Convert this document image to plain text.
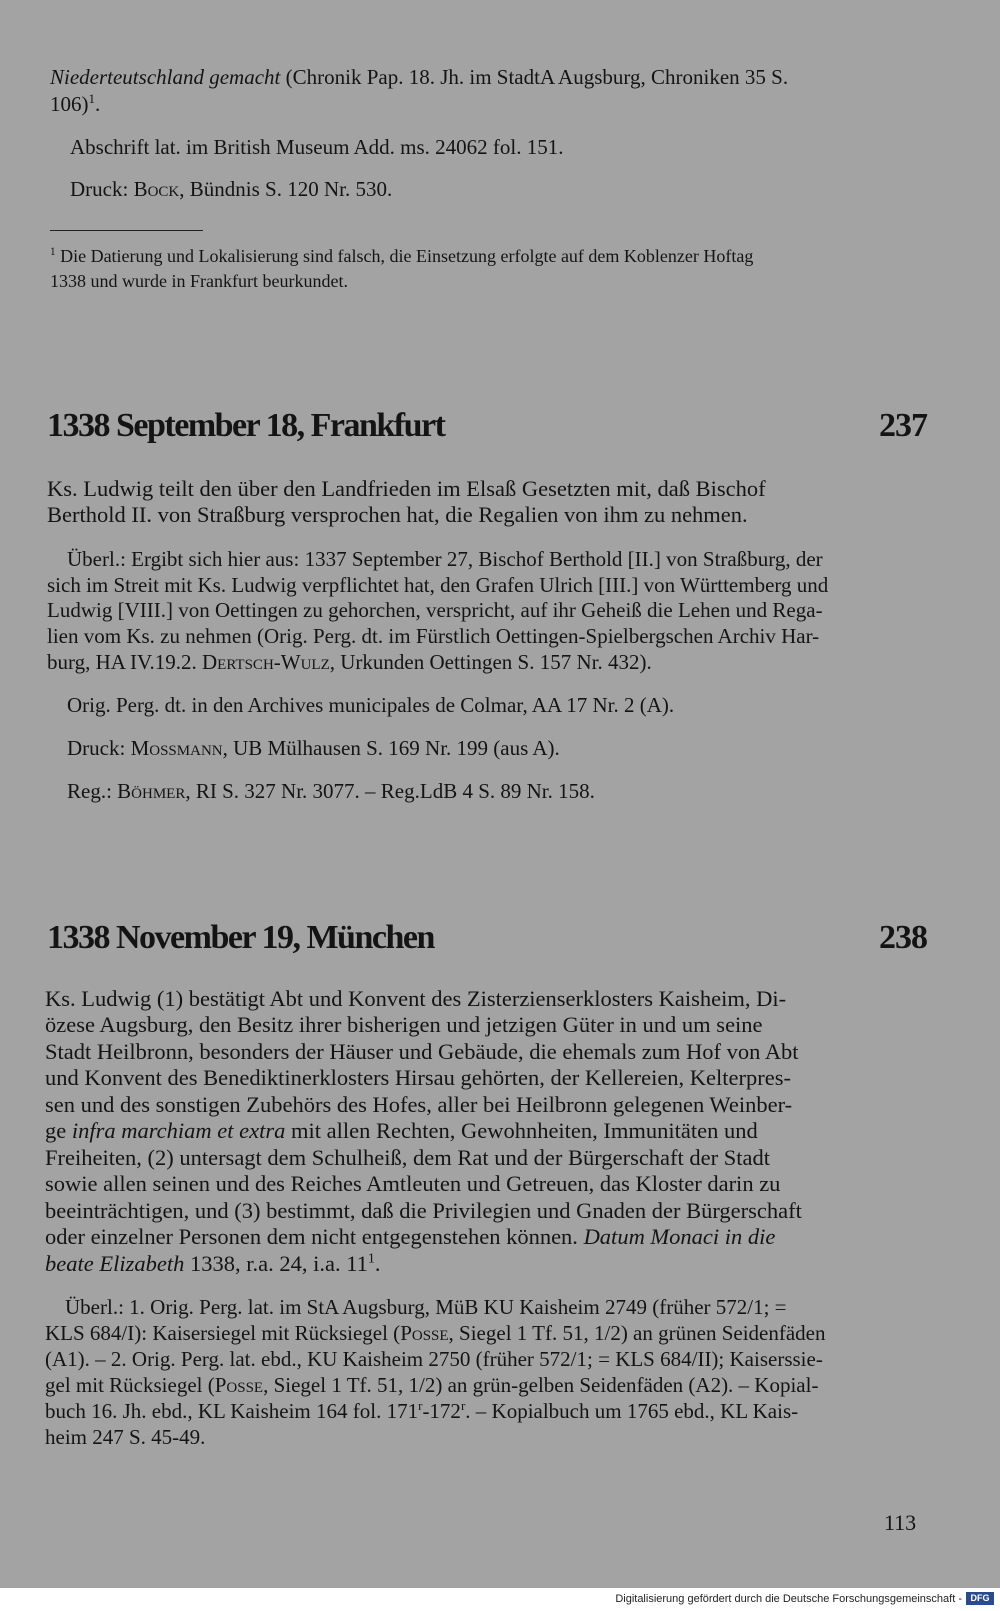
Niederteutschland gemacht (Chronik Pap. 18. Jh. im StadtA Augsburg, Chroniken 35 S.
106)$^1$.
Abschrift lat. im British Museum Add. ms. 24062 fol. 151.
Druck: Bock, Bündnis S. 120 Nr. 530.
$^1$ Die Datierung und Lokalisierung sind falsch, die Einsetzung erfolgte auf dem Koblenzer Hoftag
1338 und wurde in Frankfurt beurkundet.
1338 September 18, Frankfurt	237
Ks. Ludwig teilt den über den Landfrieden im Elsaß Gesetzten mit, daß Bischof
Berthold II. von Straßburg versprochen hat, die Regalien von ihm zu nehmen.
Überl.: Ergibt sich hier aus: 1337 September 27, Bischof Berthold [II.] von Straßburg, der
sich im Streit mit Ks. Ludwig verpflichtet hat, den Grafen Ulrich [III.] von Württemberg und
Ludwig [VIII.] von Oettingen zu gehorchen, verspricht, auf ihr Geheiß die Lehen und Rega-
lien vom Ks. zu nehmen (Orig. Perg. dt. im Fürstlich Oettingen-Spielbergschen Archiv Har-
burg, HA IV.19.2. Dertsch-Wulz, Urkunden Oettingen S. 157 Nr. 432).
Orig. Perg. dt. in den Archives municipales de Colmar, AA 17 Nr. 2 (A).
Druck: Mossmann, UB Mülhausen S. 169 Nr. 199 (aus A).
Reg.: Böhmer, RI S. 327 Nr. 3077. – Reg.LdB 4 S. 89 Nr. 158.
1338 November 19, München	238
Ks. Ludwig (1) bestätigt Abt und Konvent des Zisterzienserklosters Kaisheim, Di-
özese Augsburg, den Besitz ihrer bisherigen und jetzigen Güter in und um seine
Stadt Heilbronn, besonders der Häuser und Gebäude, die ehemals zum Hof von Abt
und Konvent des Benediktinerklosters Hirsau gehörten, der Kellereien, Kelterpres-
sen und des sonstigen Zubehörs des Hofes, aller bei Heilbronn gelegenen Weinber-
ge infra marchiam et extra mit allen Rechten, Gewohnheiten, Immunitäten und
Freiheiten, (2) untersagt dem Schulheiß, dem Rat und der Bürgerschaft der Stadt
sowie allen seinen und des Reiches Amtleuten und Getreuen, das Kloster darin zu
beeinträchtigen, und (3) bestimmt, daß die Privilegien und Gnaden der Bürgerschaft
oder einzelner Personen dem nicht entgegenstehen können. Datum Monaci in die
beate Elizabeth 1338, r.a. 24, i.a. $11^1$.
Überl.: 1. Orig. Perg. lat. im StA Augsburg, MüB KU Kaisheim 2749 (früher 572/1; =
KLS 684/I): Kaisersiegel mit Rücksiegel (Posse, Siegel 1 Tf. 51, 1/2) an grünen Seidenfäden
(A1). – 2. Orig. Perg. lat. ebd., KU Kaisheim 2750 (früher 572/1; = KLS 684/II); Kaiserssie-
gel mit Rücksiegel (Posse, Siegel 1 Tf. 51, 1/2) an grün-gelben Seidenfäden (A2). – Kopial-
buch 16. Jh. ebd., KL Kaisheim 164 fol. 171$^r$-172$^r$. – Kopialbuch um 1765 ebd., KL Kais-
heim 247 S. 45-49.
113
Digitalisierung gefördert durch die Deutsche Forschungsgemeinschaft - DFG
